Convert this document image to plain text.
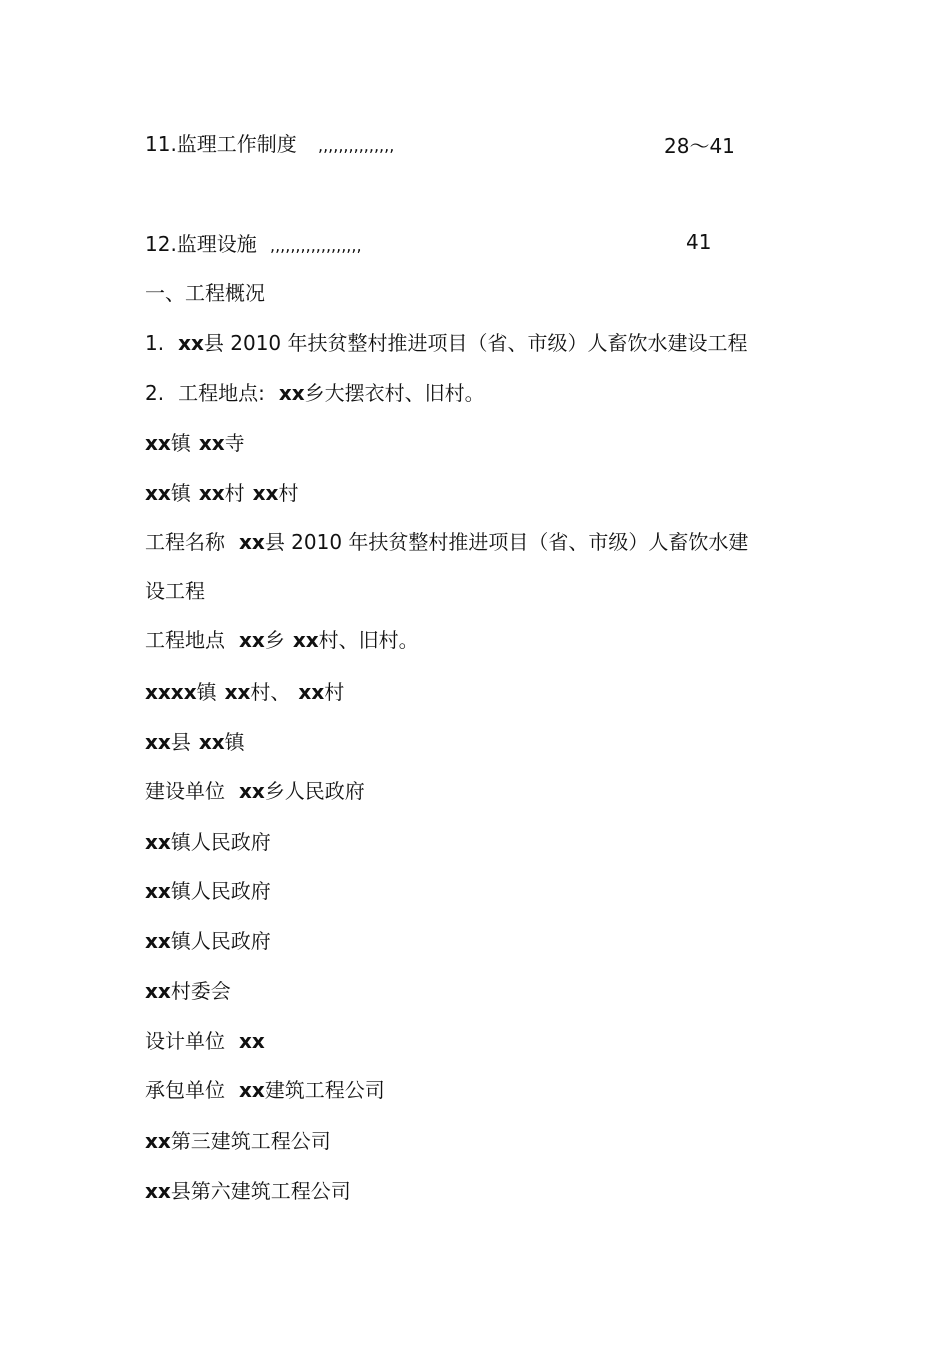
11.监理工作制度 ,,,,,,,,,,,,,,,	28～41
12.监理设施 ,,,,,,,,,,,,,,,,,,	41
一、工程概况
1. xx县 2010 年扶贫整村推进项目（省、市级）人畜饮水建设工程
2. 工程地点: xx乡大摆衣村、旧村。
xx镇 xx寺
xx镇 xx村 xx村
工程名称 xx县 2010 年扶贫整村推进项目（省、市级）人畜饮水建
设工程
工程地点 xx乡 xx村、旧村。
xxxx镇 xx村、 xx村
xx县 xx镇
建设单位 xx乡人民政府
xx镇人民政府
xx镇人民政府
xx镇人民政府
xx村委会
设计单位 xx
承包单位 xx建筑工程公司
xx第三建筑工程公司
xx县第六建筑工程公司
